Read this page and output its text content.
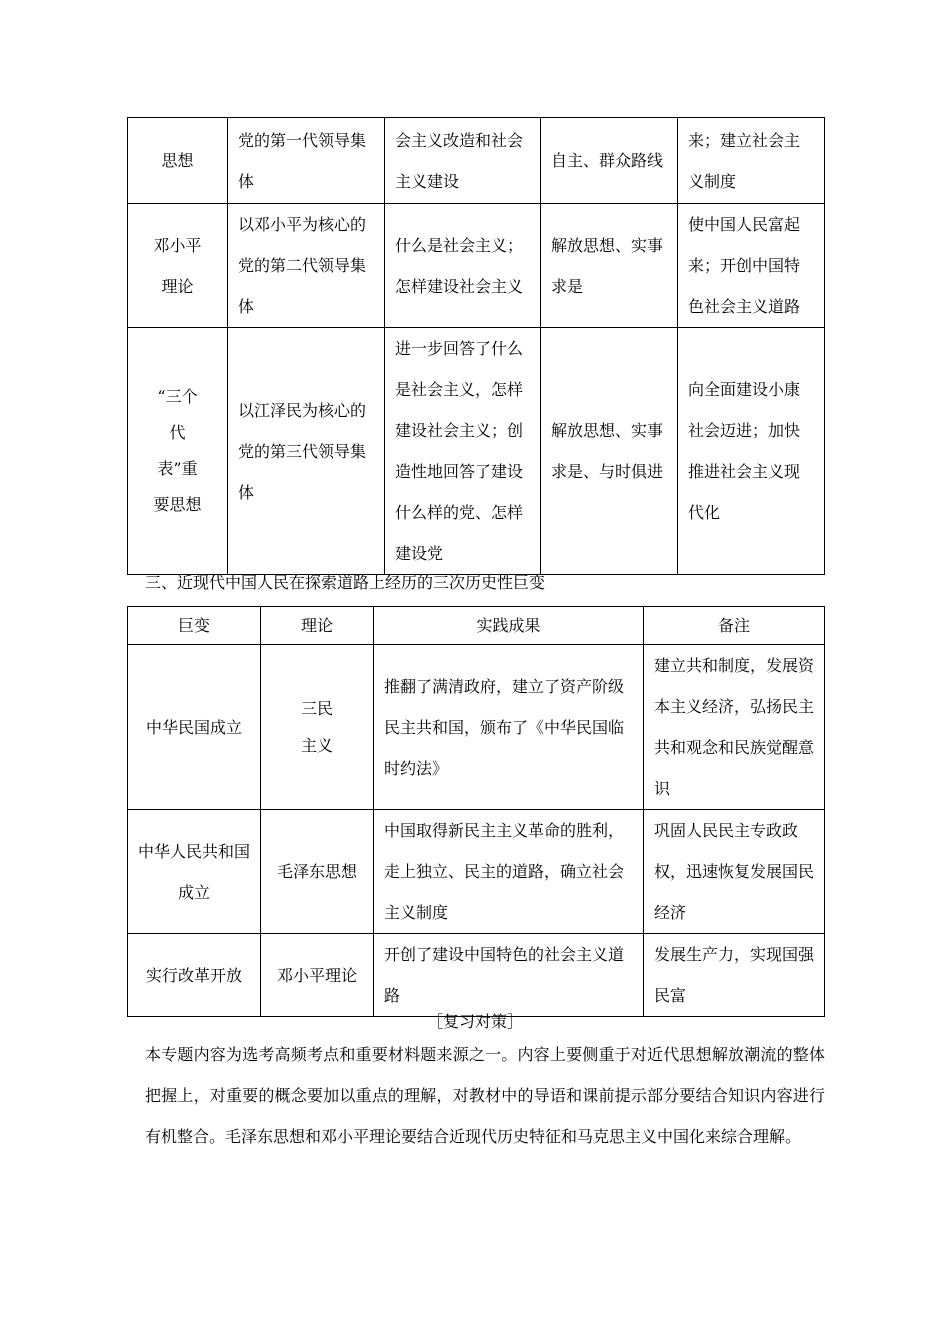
思想	党的第一代领导集体	会主义改造和社会主义建设	自主、群众路线	来；建立社会主义制度
邓小平理论	以邓小平为核心的党的第二代领导集体	什么是社会主义；怎样建设社会主义	解放思想、实事求是	使中国人民富起来；开创中国特色社会主义道路
“三个代表”重要思想	以江泽民为核心的党的第三代领导集体	进一步回答了什么是社会主义，怎样建设社会主义；创造性地回答了建设什么样的党、怎样建设党	解放思想、实事求是、与时俱进	向全面建设小康社会迈进；加快推进社会主义现代化
三、近现代中国人民在探索道路上经历的三次历史性巨变
巨变	理论	实践成果	备注
中华民国成立	三民主义	推翻了满清政府，建立了资产阶级民主共和国，颁布了《中华民国临时约法》	建立共和制度，发展资本主义经济，弘扬民主共和观念和民族觉醒意识
中华人民共和国成立	毛泽东思想	中国取得新民主主义革命的胜利，走上独立、民主的道路，确立社会主义制度	巩固人民民主专政政权，迅速恢复发展国民经济
实行改革开放	邓小平理论	开创了建设中国特色的社会主义道路	发展生产力，实现国强民富
［复习对策］

本专题内容为选考高频考点和重要材料题来源之一。内容上要侧重于对近代思想解放潮流的整体把握上，对重要的概念要加以重点的理解，对教材中的导语和课前提示部分要结合知识内容进行有机整合。毛泽东思想和邓小平理论要结合近现代历史特征和马克思主义中国化来综合理解。
